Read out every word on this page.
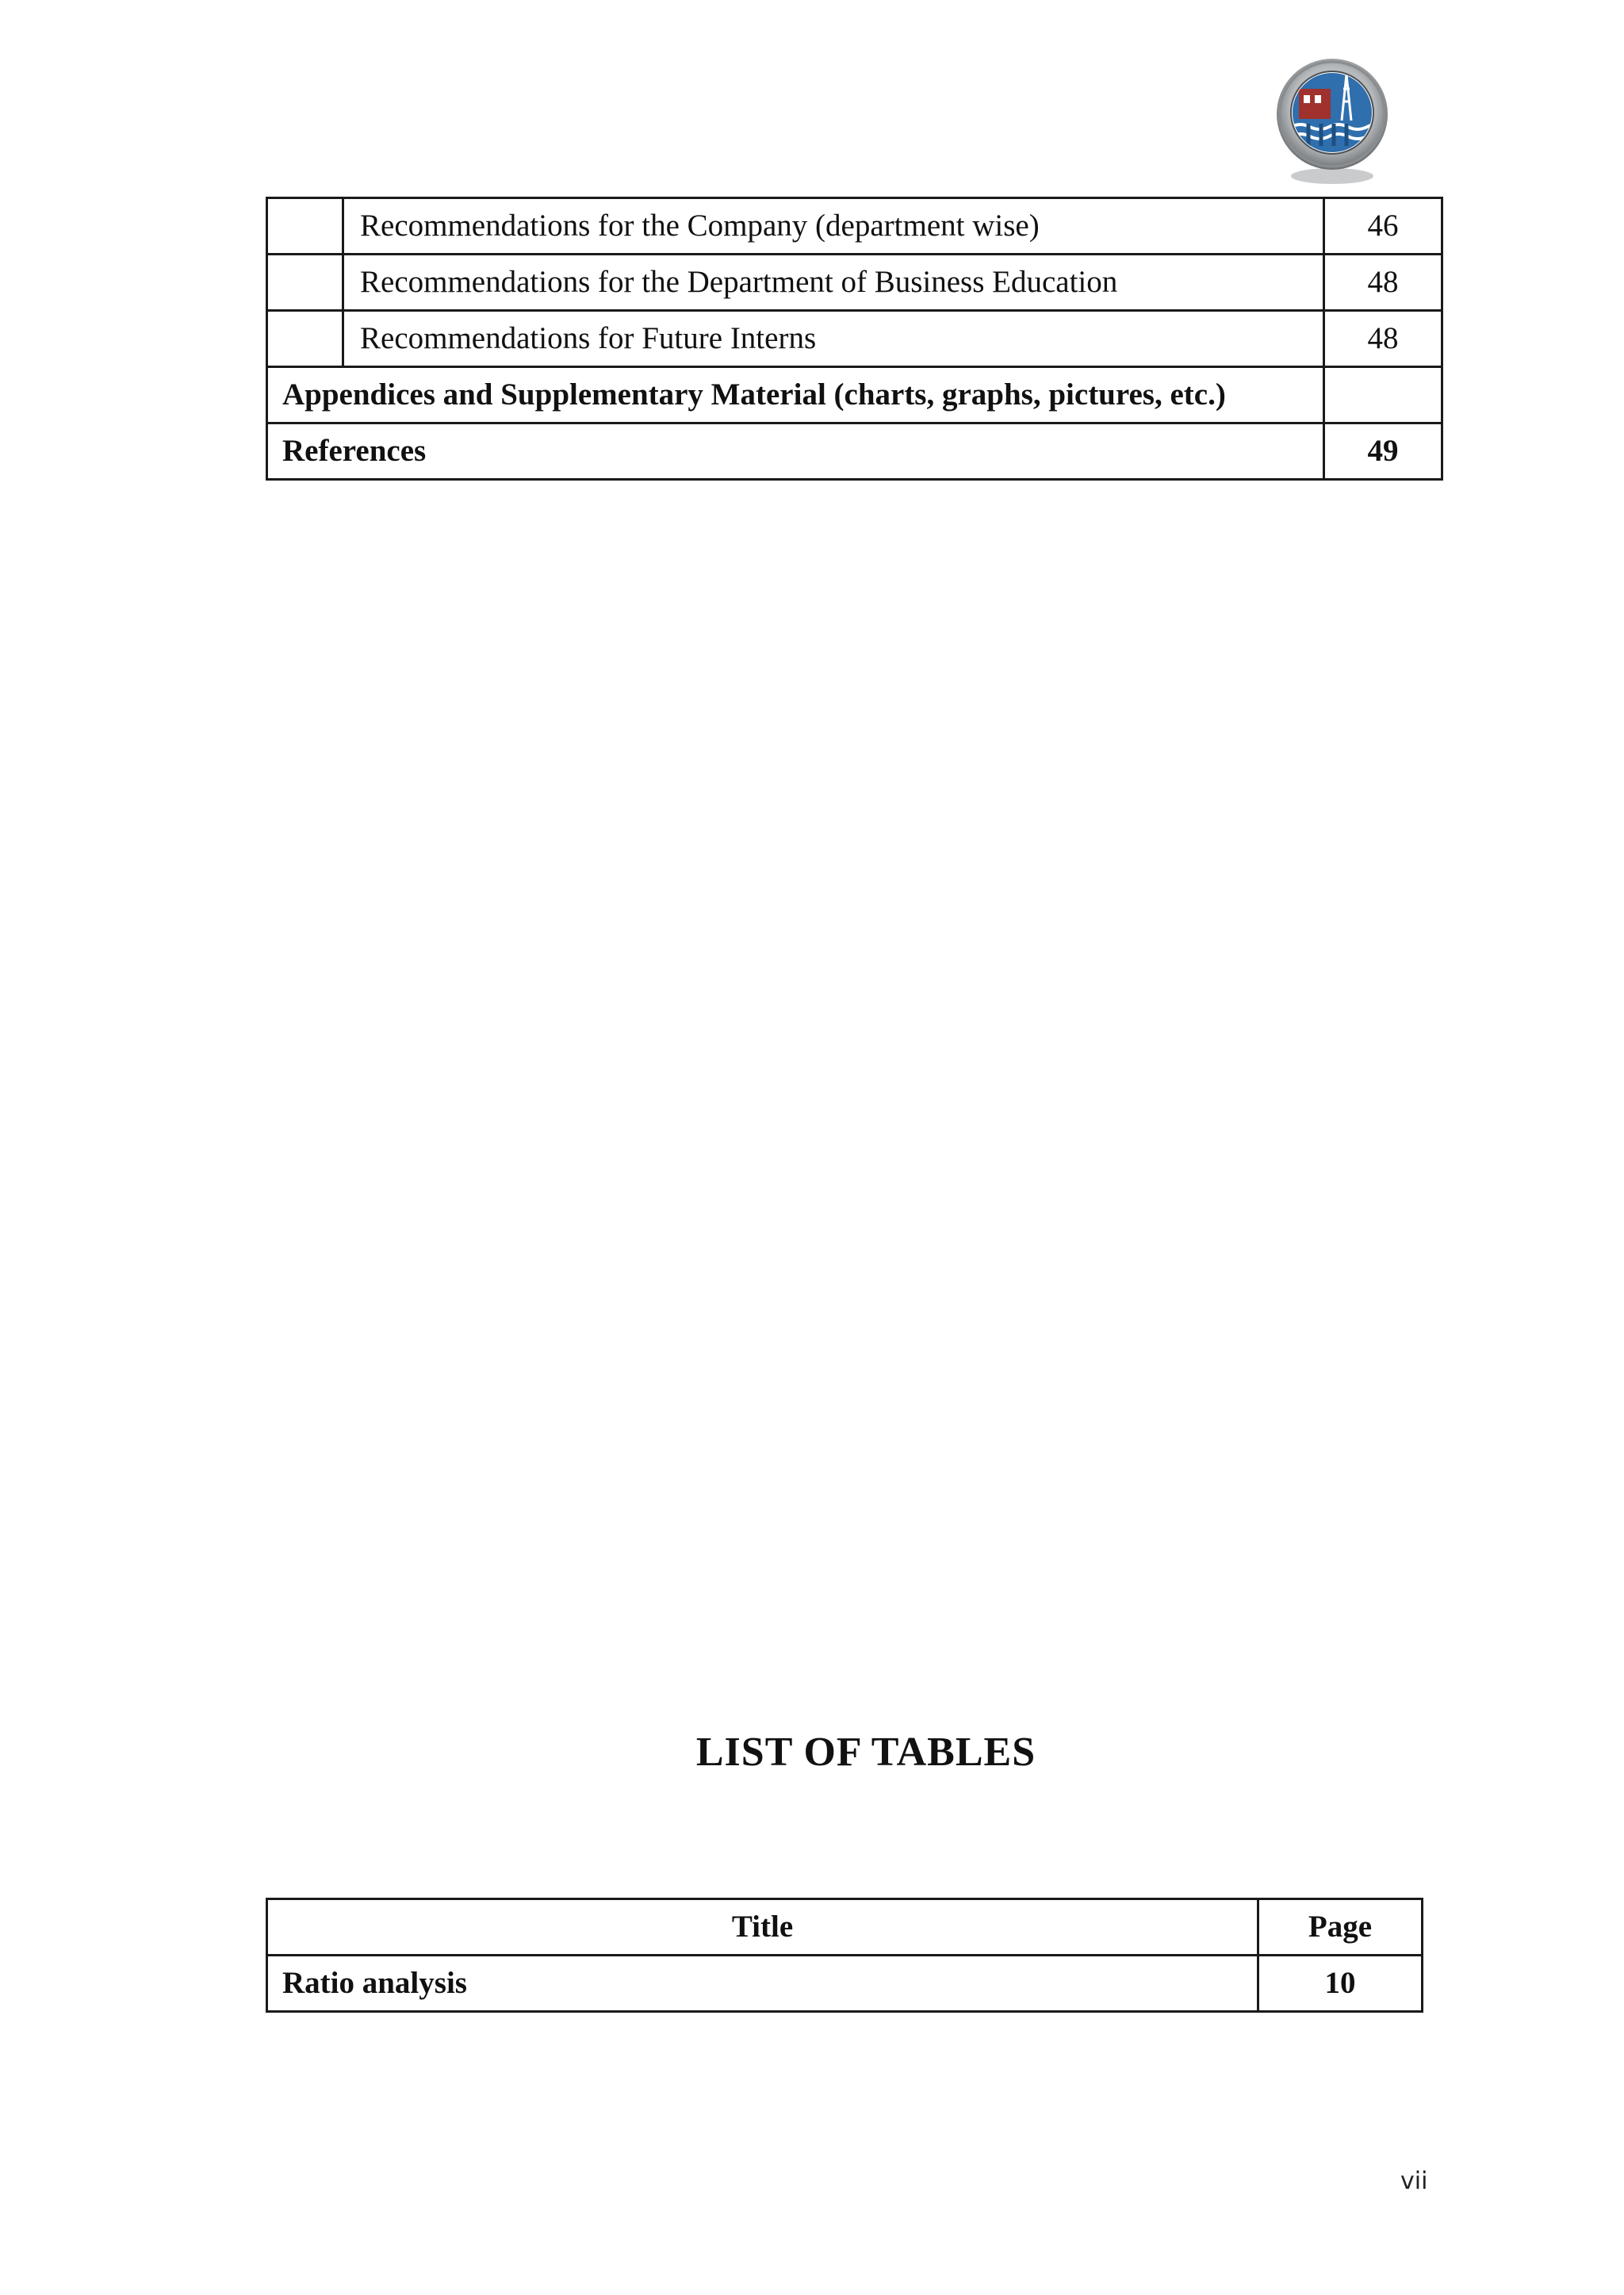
	Recommendations for the Company (department wise)	46
	Recommendations for the Department of Business Education	48
	Recommendations for Future Interns	48
Appendices and Supplementary Material (charts, graphs, pictures, etc.)		
References		49
LIST OF TABLES
Title	Page
Ratio analysis	10
vii
